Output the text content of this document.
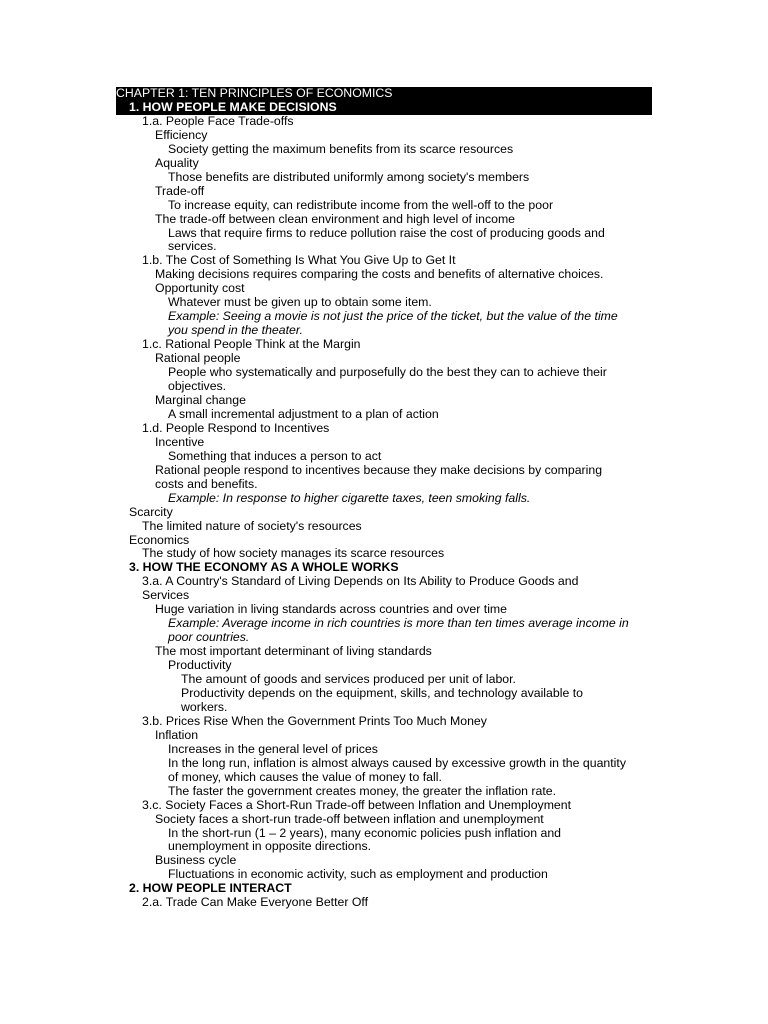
CHAPTER 1: TEN PRINCIPLES OF ECONOMICS
1. HOW PEOPLE MAKE DECISIONS
1.a. People Face Trade-offs
Efficiency
Society getting the maximum benefits from its scarce resources
Aquality
Those benefits are distributed uniformly among society's members
Trade-off
To increase equity, can redistribute income from the well-off to the poor
The trade-off between clean environment and high level of income
Laws that require firms to reduce pollution raise the cost of producing goods and
services.
1.b. The Cost of Something Is What You Give Up to Get It
Making decisions requires comparing the costs and benefits of alternative choices.
Opportunity cost
Whatever must be given up to obtain some item.
Example: Seeing a movie is not just the price of the ticket, but the value of the time
you spend in the theater.
1.c. Rational People Think at the Margin
Rational people
People who systematically and purposefully do the best they can to achieve their
objectives.
Marginal change
A small incremental adjustment to a plan of action
1.d. People Respond to Incentives
Incentive
Something that induces a person to act
Rational people respond to incentives because they make decisions by comparing
costs and benefits.
Example: In response to higher cigarette taxes, teen smoking falls.
Scarcity
The limited nature of society's resources
Economics
The study of how society manages its scarce resources
3. HOW THE ECONOMY AS A WHOLE WORKS
3.a. A Country's Standard of Living Depends on Its Ability to Produce Goods and
Services
Huge variation in living standards across countries and over time
Example: Average income in rich countries is more than ten times average income in
poor countries.
The most important determinant of living standards
Productivity
The amount of goods and services produced per unit of labor.
Productivity depends on the equipment, skills, and technology available to
workers.
3.b. Prices Rise When the Government Prints Too Much Money
Inflation
Increases in the general level of prices
In the long run, inflation is almost always caused by excessive growth in the quantity
of money, which causes the value of money to fall.
The faster the government creates money, the greater the inflation rate.
3.c. Society Faces a Short-Run Trade-off between Inflation and Unemployment
Society faces a short-run trade-off between inflation and unemployment
In the short-run (1 – 2 years), many economic policies push inflation and
unemployment in opposite directions.
Business cycle
Fluctuations in economic activity, such as employment and production
2. HOW PEOPLE INTERACT
2.a. Trade Can Make Everyone Better Off
